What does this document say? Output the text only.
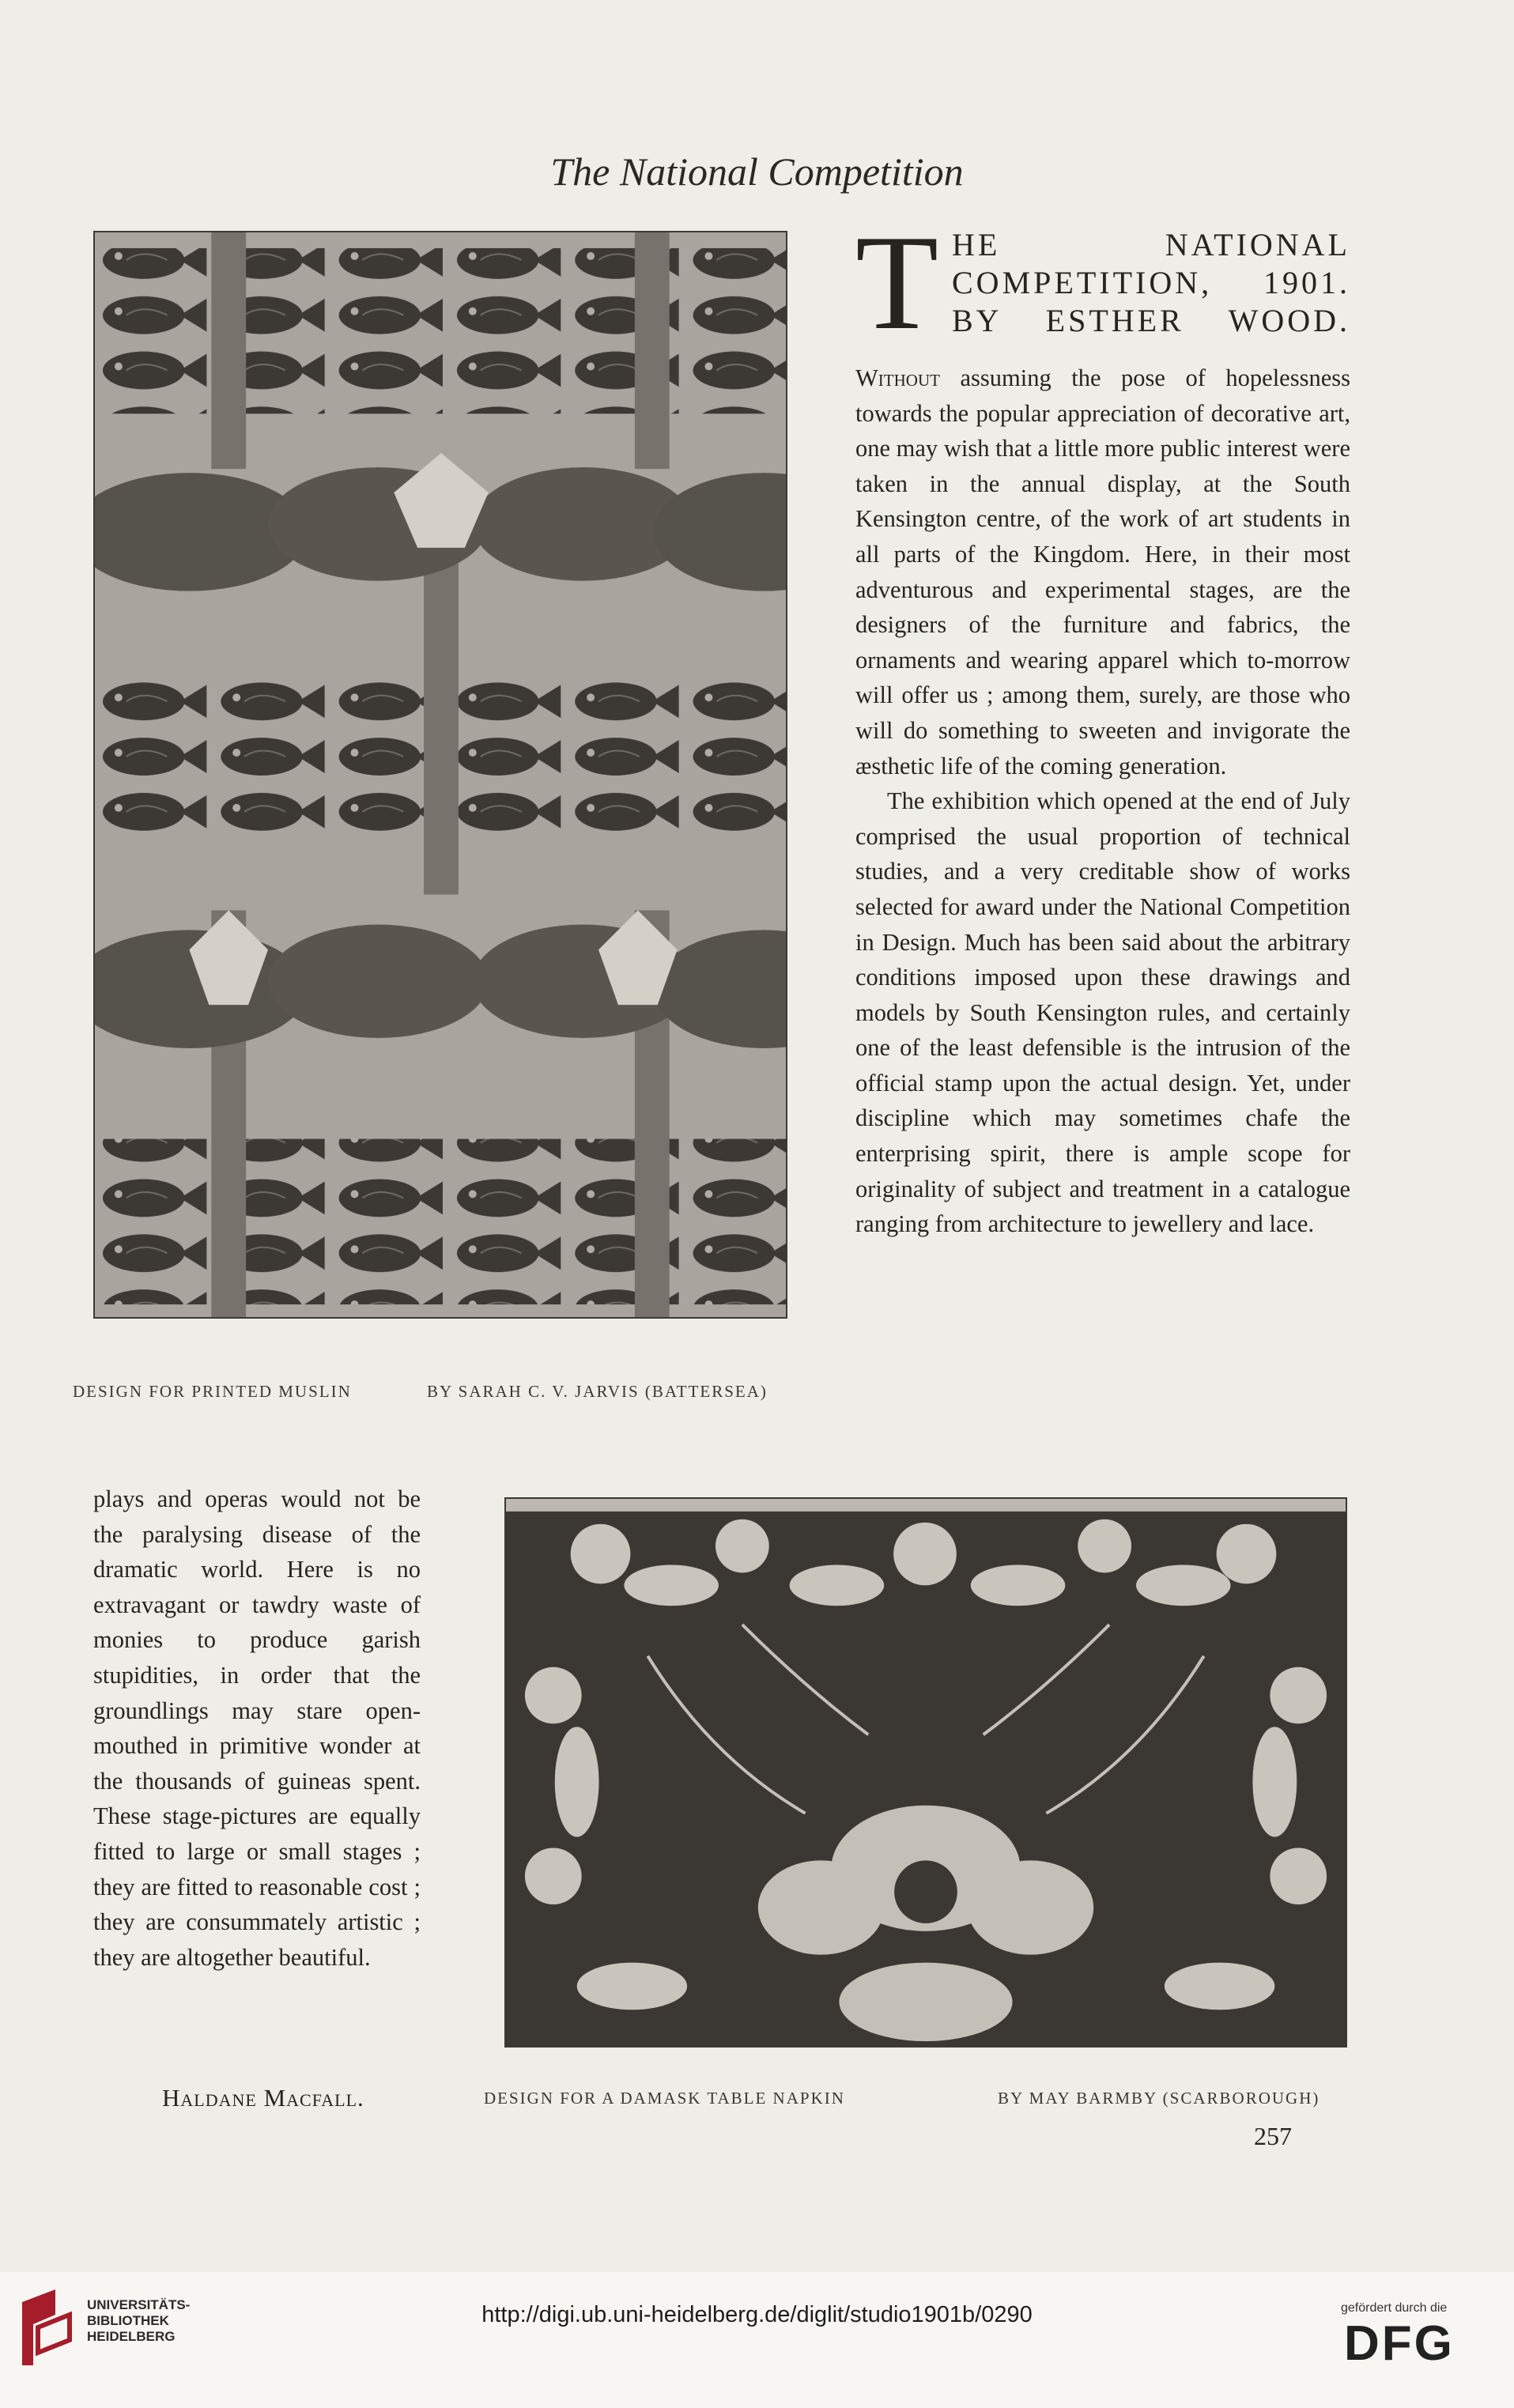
The National Competition
DESIGN FOR PRINTED MUSLIN	BY SARAH C. V. JARVIS (BATTERSEA)
T HE NATIONAL COMPETITION, 1901. BY ESTHER WOOD.

Without assuming the pose of hopelessness towards the popular appreciation of decorative art, one may wish that a little more public interest were taken in the annual display, at the South Kensington centre, of the work of art students in all parts of the Kingdom. Here, in their most adventurous and experimental stages, are the designers of the furniture and fabrics, the ornaments and wearing apparel which to-morrow will offer us ; among them, surely, are those who will do something to sweeten and invigorate the æsthetic life of the coming generation.

The exhibition which opened at the end of July comprised the usual proportion of technical studies, and a very creditable show of works selected for award under the National Competition in Design. Much has been said about the arbitrary conditions imposed upon these drawings and models by South Kensington rules, and certainly one of the least defensible is the intrusion of the official stamp upon the actual design. Yet, under discipline which may sometimes chafe the enterprising spirit, there is ample scope for originality of subject and treatment in a catalogue ranging from architecture to jewellery and lace.

plays and operas would not be the paralysing disease of the dramatic world. Here is no extravagant or tawdry waste of monies to produce garish stupidities, in order that the groundlings may stare open-mouthed in primitive wonder at the thousands of guineas spent. These stage-pictures are equally fitted to large or small stages ; they are fitted to reasonable cost ; they are consummately artistic ; they are altogether beautiful.
Haldane Macfall.	DESIGN FOR A DAMASK TABLE NAPKIN	BY MAY BARMBY (SCARBOROUGH)
257
UNIVERSITÄTS-
BIBLIOTHEK
HEIDELBERG
http://digi.ub.uni-heidelberg.de/diglit/studio1901b/0290	gefördert durch die
DFG
